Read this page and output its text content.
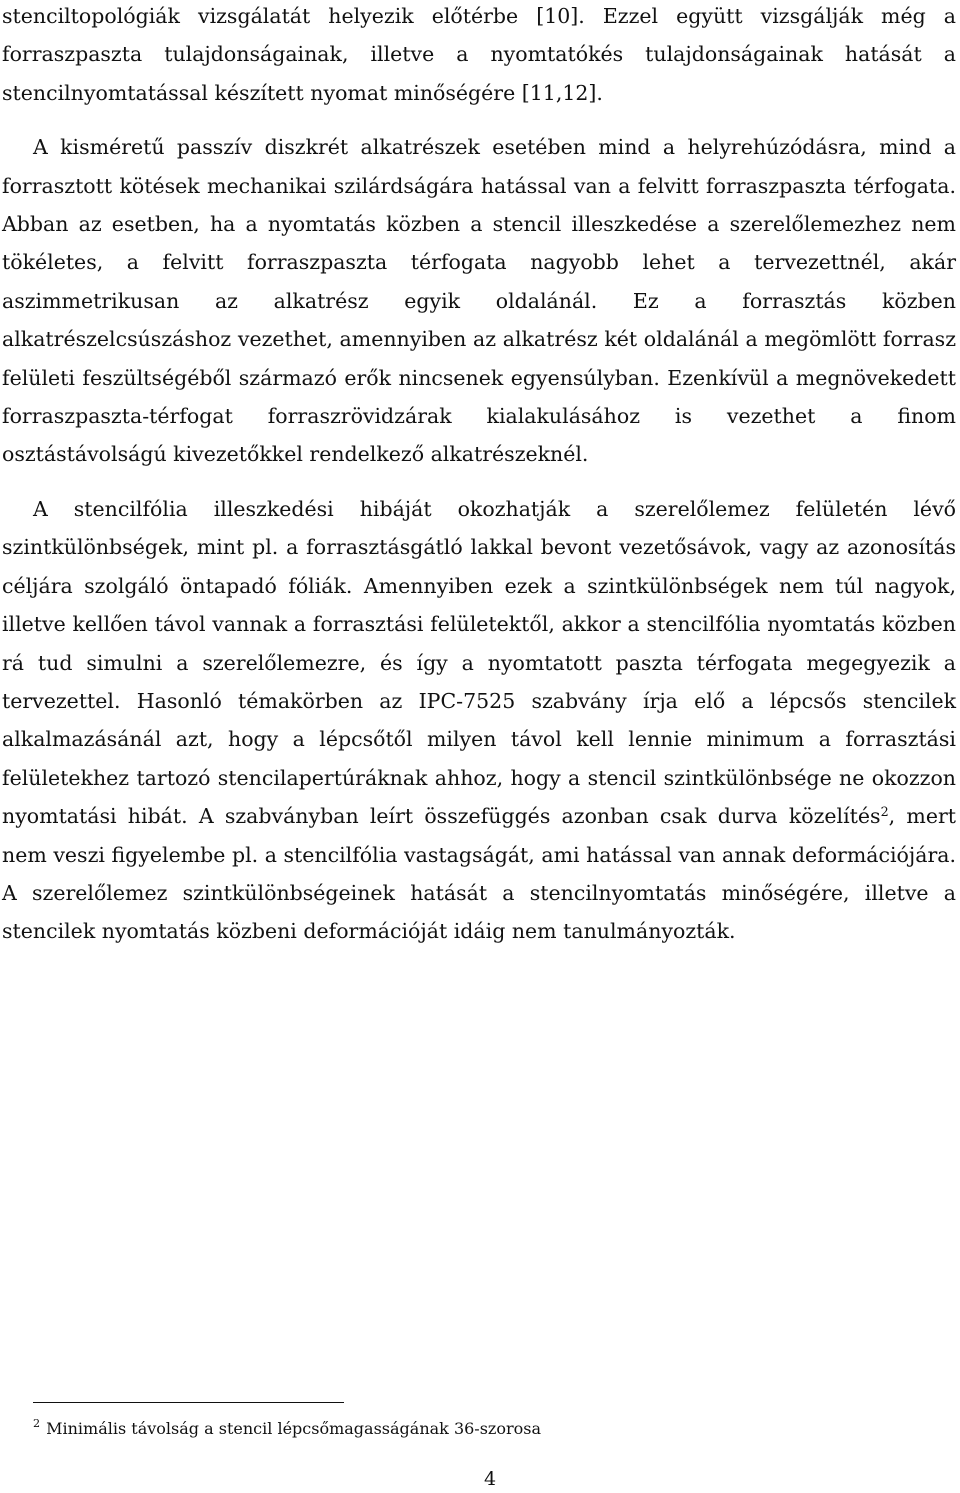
stenciltopológiák vizsgálatát helyezik előtérbe [10]. Ezzel együtt vizsgálják még a forraszpaszta tulajdonságainak, illetve a nyomtatókés tulajdonságainak hatását a stencilnyomtatással készített nyomat minőségére [11,12].

A kisméretű passzív diszkrét alkatrészek esetében mind a helyrehúzódásra, mind a forrasztott kötések mechanikai szilárdságára hatással van a felvitt forraszpaszta térfogata. Abban az esetben, ha a nyomtatás közben a stencil illeszkedése a szerelőlemezhez nem tökéletes, a felvitt forraszpaszta térfogata nagyobb lehet a tervezettnél, akár aszimmetrikusan az alkatrész egyik oldalánál. Ez a forrasztás közben alkatrészelcsúszáshoz vezethet, amennyiben az alkatrész két oldalánál a megömlött forrasz felületi feszültségéből származó erők nincsenek egyensúlyban. Ezenkívül a megnövekedett forraszpaszta-térfogat forraszrövidzárak kialakulásához is vezethet a finom osztástávolságú kivezetőkkel rendelkező alkatrészeknél.

A stencilfólia illeszkedési hibáját okozhatják a szerelőlemez felületén lévő szintkülönbségek, mint pl. a forrasztásgátló lakkal bevont vezetősávok, vagy az azonosítás céljára szolgáló öntapadó fóliák. Amennyiben ezek a szintkülönbségek nem túl nagyok, illetve kellően távol vannak a forrasztási felületektől, akkor a stencilfólia nyomtatás közben rá tud simulni a szerelőlemezre, és így a nyomtatott paszta térfogata megegyezik a tervezettel. Hasonló témakörben az IPC-7525 szabvány írja elő a lépcsős stencilek alkalmazásánál azt, hogy a lépcsőtől milyen távol kell lennie minimum a forrasztási felületekhez tartozó stencilapertúráknak ahhoz, hogy a stencil szintkülönbsége ne okozzon nyomtatási hibát. A szabványban leírt összefüggés azonban csak durva közelítés$^2$, mert nem veszi figyelembe pl. a stencilfólia vastagságát, ami hatással van annak deformációjára. A szerelőlemez szintkülönbségeinek hatását a stencilnyomtatás minőségére, illetve a stencilek nyomtatás közbeni deformációját idáig nem tanulmányozták.

$^2$ Minimális távolság a stencil lépcsőmagasságának 36-szorosa
4
